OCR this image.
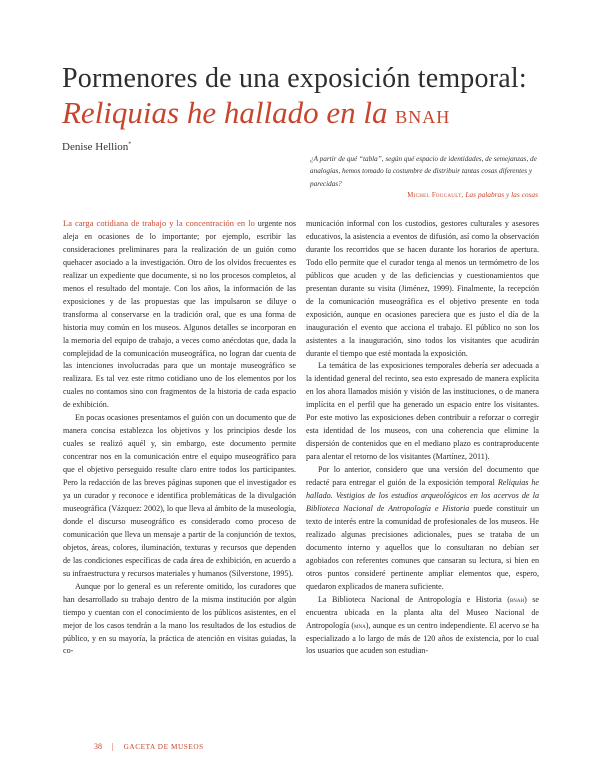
Pormenores de una exposición temporal:
Reliquias he hallado en la BNAH
Denise Hellion*
¿A partir de qué “tabla”, según qué espacio de identidades, de semejanzas, de analogías, hemos tomado la costumbre de distribuir tantas cosas diferentes y parecidas?
Michel Foucault, Las palabras y las cosas

La carga cotidiana de trabajo y la concentración en lo urgente nos aleja en ocasiones de lo importante; por ejemplo, escribir las consideraciones preliminares para la realización de un guión como quehacer asociado a la investigación. Otro de los olvidos frecuentes es realizar un expediente que documente, si no los procesos completos, al menos el resultado del montaje. Con los años, la información de las exposiciones y de las propuestas que las impulsaron se diluye o transforma al conservarse en la tradición oral, que es una forma de historia muy común en los museos. Algunos detalles se incorporan en la memoria del equipo de trabajo, a veces como anécdotas que, dada la complejidad de la comunicación museográfica, no logran dar cuenta de las intenciones involucradas para que un montaje museográfico se realizara. Es tal vez este ritmo cotidiano uno de los elementos por los cuales no contamos sino con fragmentos de la historia de cada espacio de exhibición.

En pocas ocasiones presentamos el guión con un documento que de manera concisa establezca los objetivos y los principios desde los cuales se realizó aquél y, sin embargo, este documento permite concentrar nos en la comunicación entre el equipo museográfico para que el objetivo perseguido resulte claro entre todos los participantes. Pero la redacción de las breves páginas suponen que el investigador es ya un curador y reconoce e identifica problemáticas de la divulgación museográfica (Vázquez: 2002), lo que lleva al ámbito de la museología, donde el discurso museográfico es considerado como proceso de comunicación que lleva un mensaje a partir de la conjunción de textos, objetos, áreas, colores, iluminación, texturas y recursos que dependen de las condiciones específicas de cada área de exhibición, en acuerdo a su infraestructura y recursos materiales y humanos (Silverstone, 1995).

Aunque por lo general es un referente omitido, los curadores que han desarrollado su trabajo dentro de la misma institución por algún tiempo y cuentan con el conocimiento de los públicos asistentes, en el mejor de los casos tendrán a la mano los resultados de los estudios de público, y en su mayoría, la práctica de atención en visitas guiadas, la co-

municación informal con los custodios, gestores culturales y asesores educativos, la asistencia a eventos de difusión, así como la observación durante los recorridos que se hacen durante los horarios de apertura. Todo ello permite que el curador tenga al menos un termómetro de los públicos que acuden y de las deficiencias y cuestionamientos que presentan durante su visita (Jiménez, 1999). Finalmente, la recepción de la comunicación museográfica es el objetivo presente en toda exposición, aunque en ocasiones pareciera que es justo el día de la inauguración el evento que acciona el trabajo. El público no son los asistentes a la inauguración, sino todos los visitantes que acudirán durante el tiempo que esté montada la exposición.

La temática de las exposiciones temporales debería ser adecuada a la identidad general del recinto, sea esto expresado de manera explícita en los ahora llamados misión y visión de las instituciones, o de manera implícita en el perfil que ha generado un espacio entre los visitantes. Por este motivo las exposiciones deben contribuir a reforzar o corregir esta identidad de los museos, con una coherencia que elimine la dispersión de contenidos que en el mediano plazo es contraproducente para alentar el retorno de los visitantes (Martínez, 2011).

Por lo anterior, considero que una versión del documento que redacté para entregar el guión de la exposición temporal Reliquias he hallado. Vestigios de los estudios arqueológicos en los acervos de la Biblioteca Nacional de Antropología e Historia puede constituir un texto de interés entre la comunidad de profesionales de los museos. He realizado algunas precisiones adicionales, pues se trataba de un documento interno y aquellos que lo consultaran no debían ser agobiados con referentes comunes que cansaran su lectura, si bien en otros puntos consideré pertinente ampliar elementos que, espero, quedaron explicados de manera suficiente.

La Biblioteca Nacional de Antropología e Historia (bnah) se encuentra ubicada en la planta alta del Museo Nacional de Antropología (mna), aunque es un centro independiente. El acervo se ha especializado a lo largo de más de 120 años de existencia, por lo cual los usuarios que acuden son estudian-

38 | GACETA DE MUSEOS
